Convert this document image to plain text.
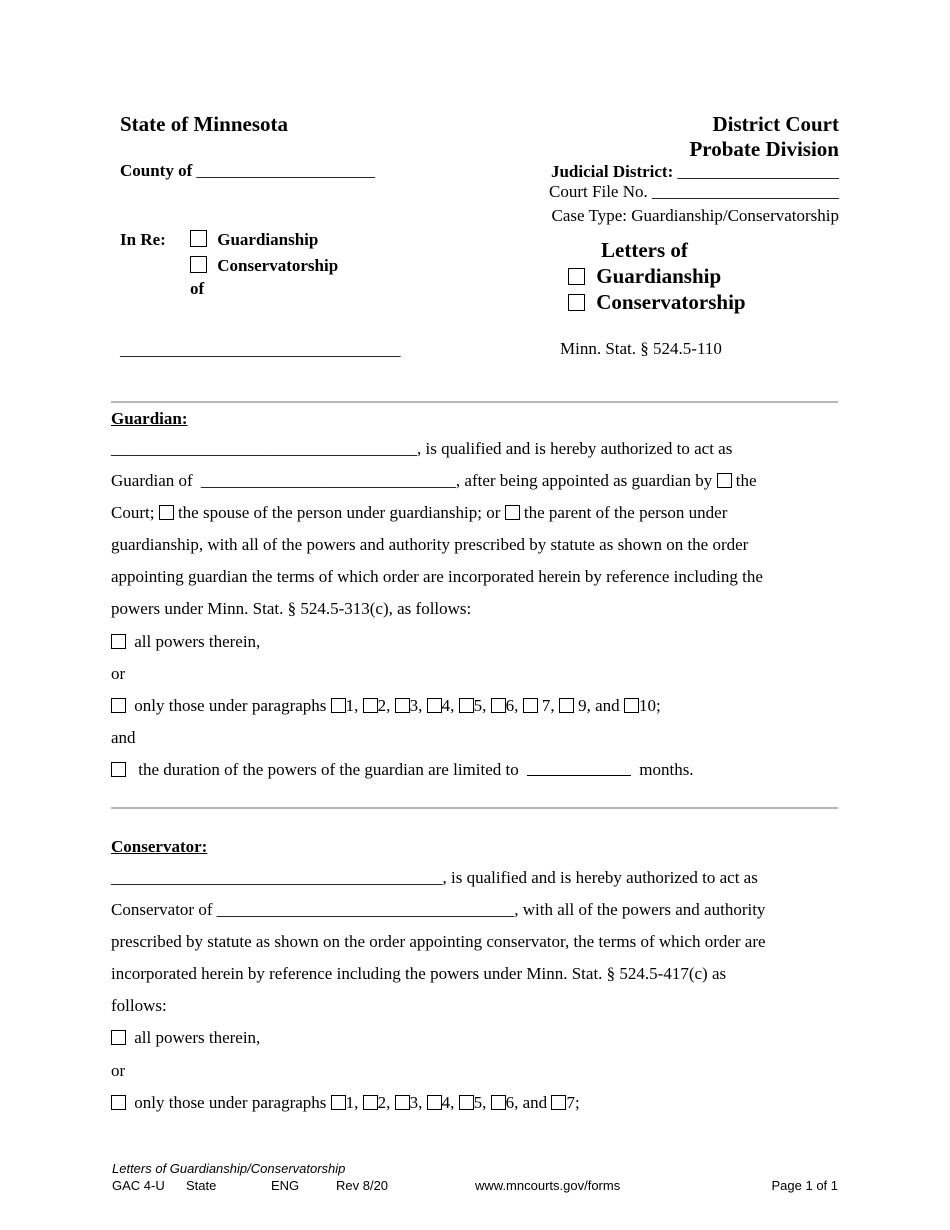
State of Minnesota
County of _____________________
District Court
Probate Division
Judicial District: ___________________
Court File No. ______________________
Case Type: Guardianship/Conservatorship
In Re:	Guardianship
Conservatorship
of
_________________________________
Letters of
Guardianship
Conservatorship
Minn. Stat. § 524.5-110
Guardian:
____________________________________, is qualified and is hereby authorized to act as
Guardian of ______________________________, after being appointed as guardian by the
Court; the spouse of the person under guardianship; or the parent of the person under
guardianship, with all of the powers and authority prescribed by statute as shown on the order
appointing guardian the terms of which order are incorporated herein by reference including the
powers under Minn. Stat. § 524.5-313(c), as follows:
all powers therein,
or
only those under paragraphs 1, 2, 3, 4, 5, 6,  7,  9, and 10;
and
the duration of the powers of the guardian are limited to	months.
Conservator:
_______________________________________, is qualified and is hereby authorized to act as
Conservator of ___________________________________, with all of the powers and authority
prescribed by statute as shown on the order appointing conservator, the terms of which order are
incorporated herein by reference including the powers under Minn. Stat. § 524.5-417(c) as
follows:
all powers therein,
or
only those under paragraphs 1, 2, 3, 4, 5, 6, and 7;
Letters of Guardianship/Conservatorship
GAC 4-U State	ENG	Rev 8/20	www.mncourts.gov/forms	Page 1 of 1
